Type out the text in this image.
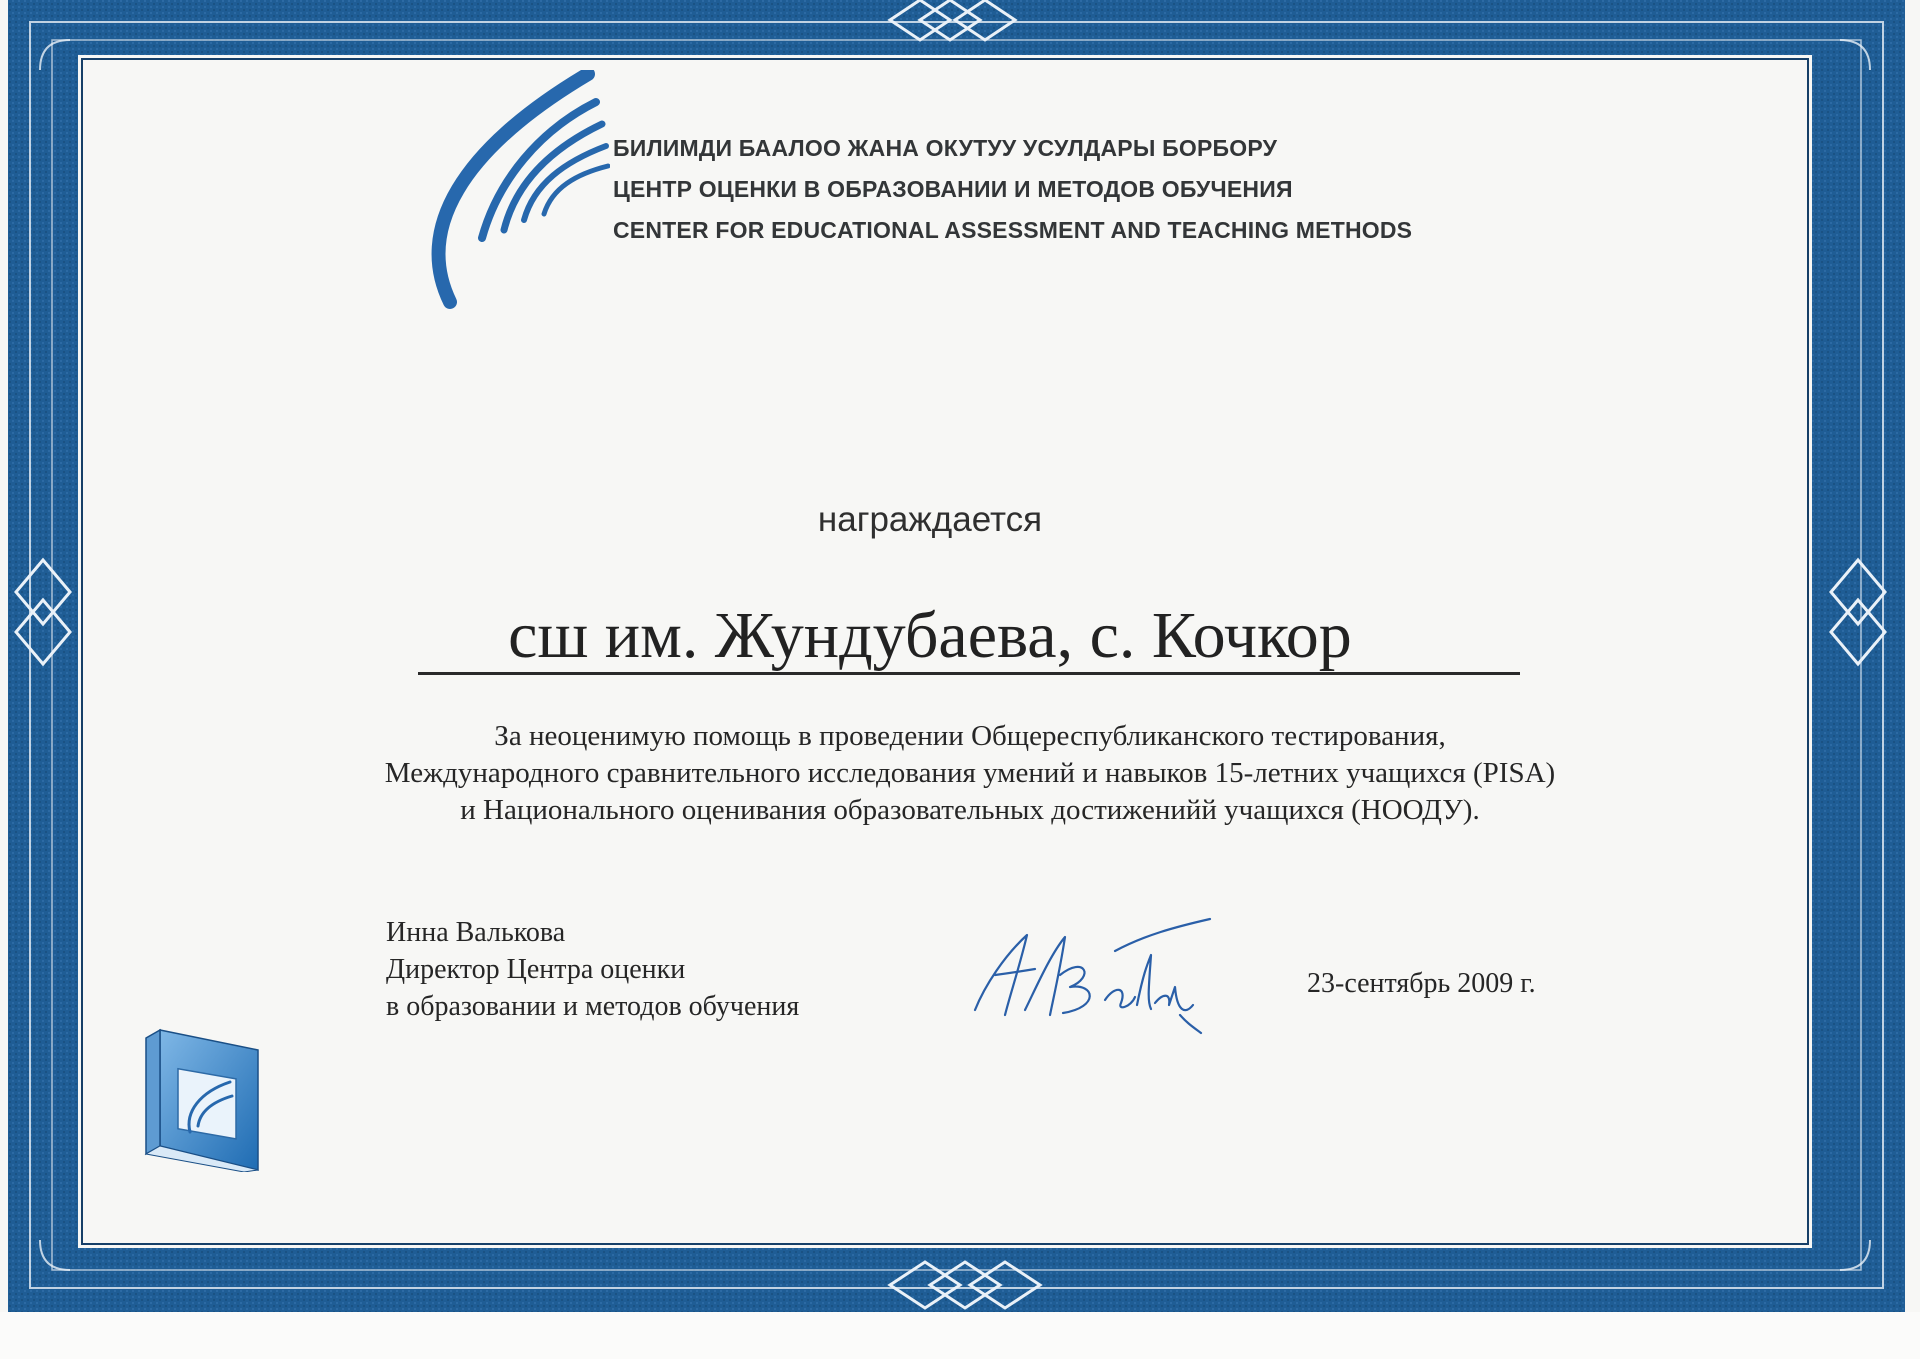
БИЛИМДИ БААЛОО ЖАНА ОКУТУУ УСУЛДАРЫ БОРБОРУ
ЦЕНТР ОЦЕНКИ В ОБРАЗОВАНИИ И МЕТОДОВ ОБУЧЕНИЯ
CENTER FOR EDUCATIONAL ASSESSMENT AND TEACHING METHODS
награждается
сш им. Жундубаева, с. Кочкор
За неоценимую помощь в проведении Общереспубликанского тестирования,
Международного сравнительного исследования умений и навыков 15-летних учащихся (PISA)
и Национального оценивания образовательных достиженийй учащихся (НООДУ).
Инна Валькова
Директор Центра оценки
в образовании и методов обучения
23-сентябрь 2009 г.
